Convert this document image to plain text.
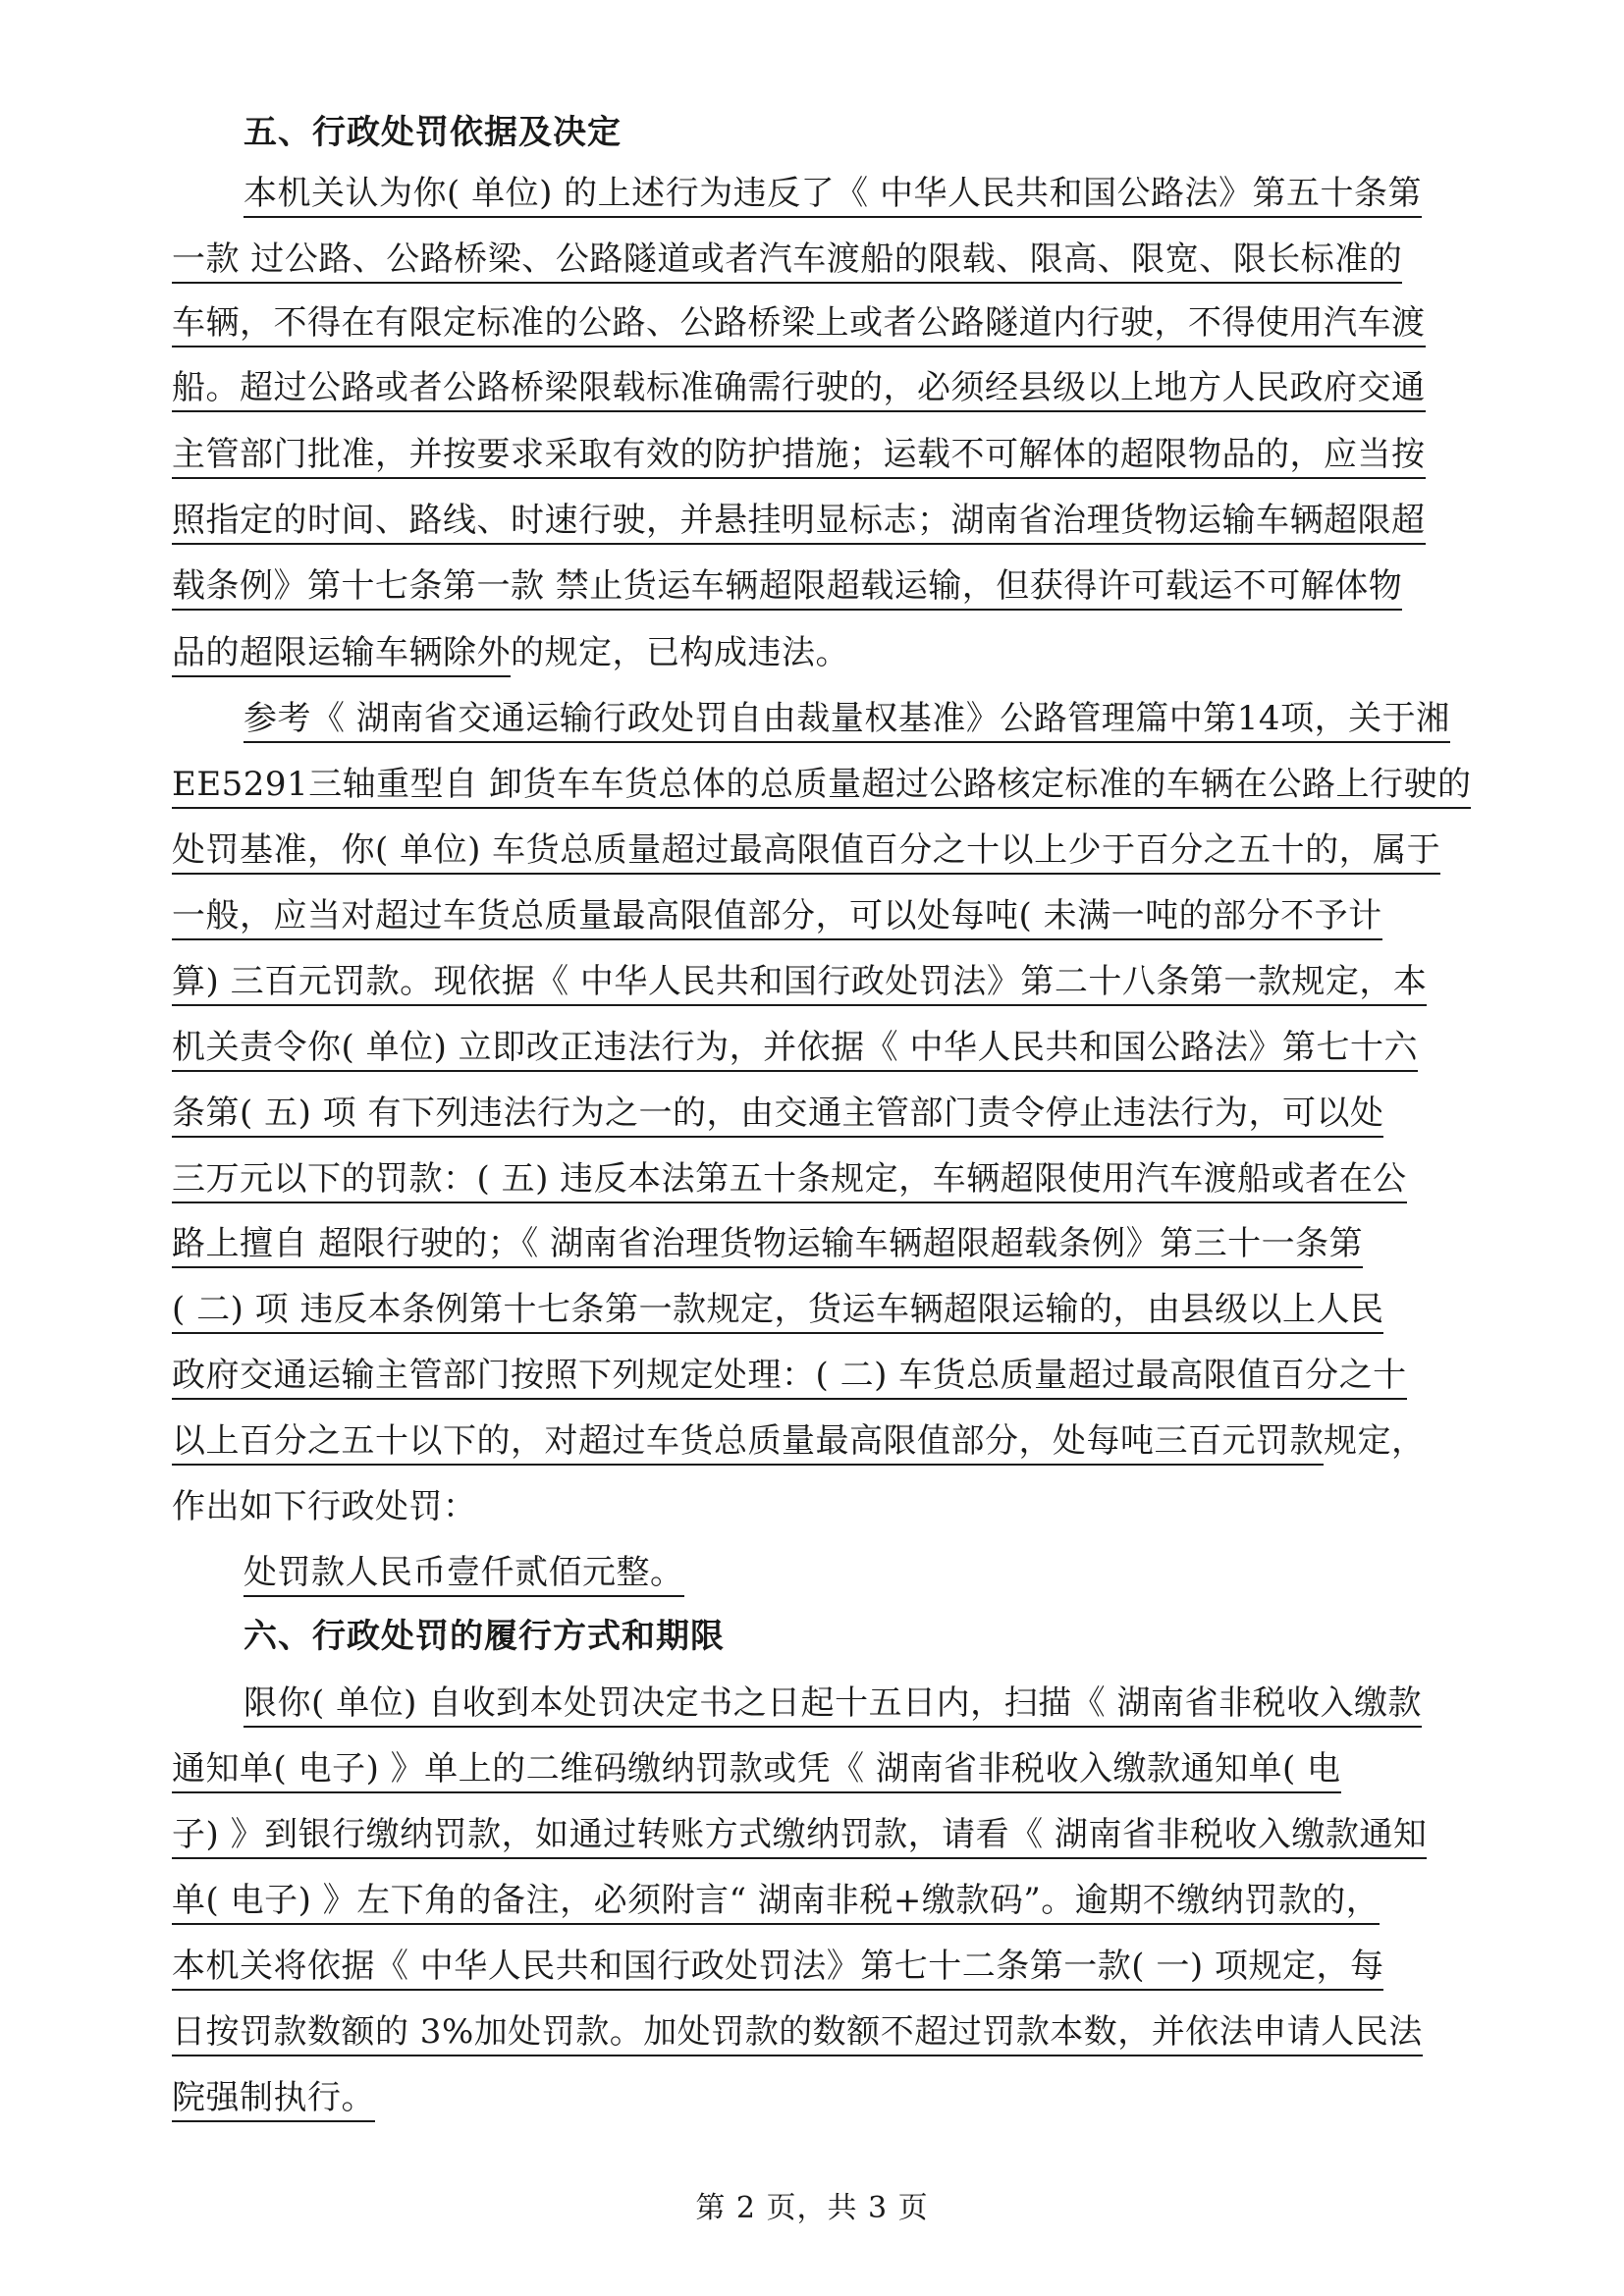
五、行政处罚依据及决定
本机关认为你( 单位) 的上述行为违反了《 中华人民共和国公路法》第五十条第
一款 过公路、公路桥梁、公路隧道或者汽车渡船的限载、限高、限宽、限长标准的
车辆，不得在有限定标准的公路、公路桥梁上或者公路隧道内行驶，不得使用汽车渡
船。超过公路或者公路桥梁限载标准确需行驶的，必须经县级以上地方人民政府交通
主管部门批准，并按要求采取有效的防护措施；运载不可解体的超限物品的，应当按
照指定的时间、路线、时速行驶，并悬挂明显标志；湖南省治理货物运输车辆超限超
载条例》第十七条第一款 禁止货运车辆超限超载运输，但获得许可载运不可解体物
品的超限运输车辆除外的规定，已构成违法。
参考《 湖南省交通运输行政处罚自由裁量权基准》公路管理篇中第14项，关于湘
EE5291三轴重型自 卸货车车货总体的总质量超过公路核定标准的车辆在公路上行驶的
处罚基准，你( 单位) 车货总质量超过最高限值百分之十以上少于百分之五十的，属于
一般，应当对超过车货总质量最高限值部分，可以处每吨( 未满一吨的部分不予计
算) 三百元罚款。现依据《 中华人民共和国行政处罚法》第二十八条第一款规定，本
机关责令你( 单位) 立即改正违法行为，并依据《 中华人民共和国公路法》第七十六
条第( 五) 项 有下列违法行为之一的，由交通主管部门责令停止违法行为，可以处
三万元以下的罚款：( 五) 违反本法第五十条规定，车辆超限使用汽车渡船或者在公
路上擅自 超限行驶的；《 湖南省治理货物运输车辆超限超载条例》第三十一条第
( 二) 项 违反本条例第十七条第一款规定，货运车辆超限运输的，由县级以上人民
政府交通运输主管部门按照下列规定处理：( 二) 车货总质量超过最高限值百分之十
以上百分之五十以下的，对超过车货总质量最高限值部分，处每吨三百元罚款规定，
作出如下行政处罚：
处罚款人民币壹仟贰佰元整。
六、行政处罚的履行方式和期限
限你( 单位) 自收到本处罚决定书之日起十五日内，扫描《 湖南省非税收入缴款
通知单( 电子) 》单上的二维码缴纳罚款或凭《 湖南省非税收入缴款通知单( 电
子) 》到银行缴纳罚款，如通过转账方式缴纳罚款，请看《 湖南省非税收入缴款通知
单( 电子) 》左下角的备注，必须附言“ 湖南非税+缴款码”。逾期不缴纳罚款的，
本机关将依据《 中华人民共和国行政处罚法》第七十二条第一款( 一) 项规定，每
日按罚款数额的 3%加处罚款。加处罚款的数额不超过罚款本数，并依法申请人民法
院强制执行。
第 2 页，共 3 页
